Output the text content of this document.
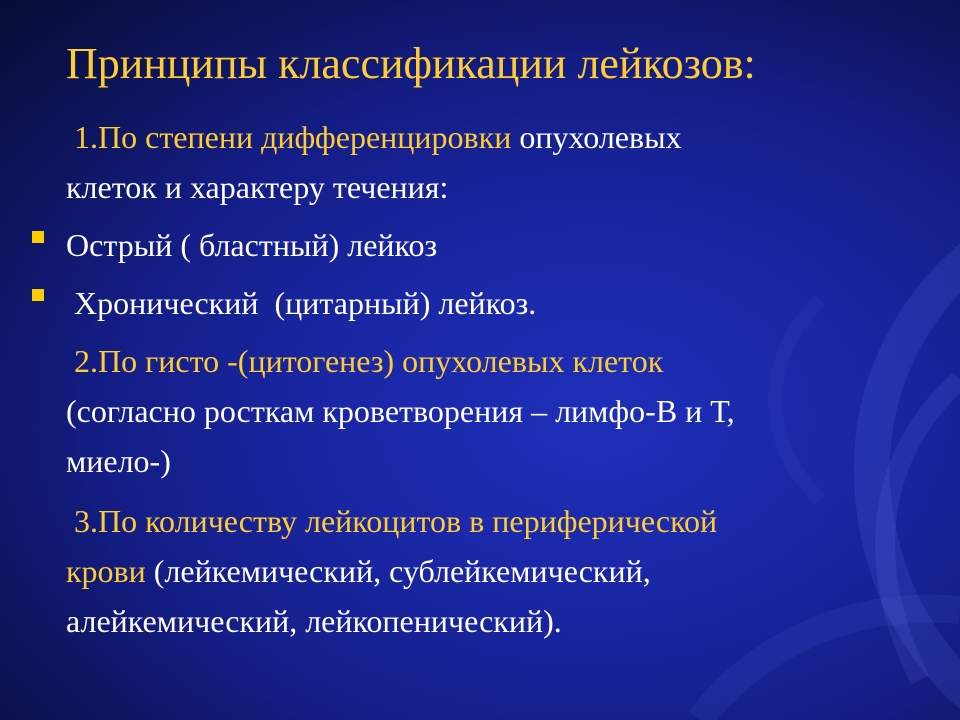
Принципы классификации лейкозов:

1.По степени дифференцировки опухолевых
клеток и характеру течения:

Острый ( бластный) лейкоз

Хронический  (цитарный) лейкоз.

2.По гисто -(цитогенез) опухолевых клеток
(согласно росткам кроветворения – лимфо-В и Т,
миело-)

3.По количеству лейкоцитов в периферической
крови (лейкемический, сублейкемический,
алейкемический, лейкопенический).
